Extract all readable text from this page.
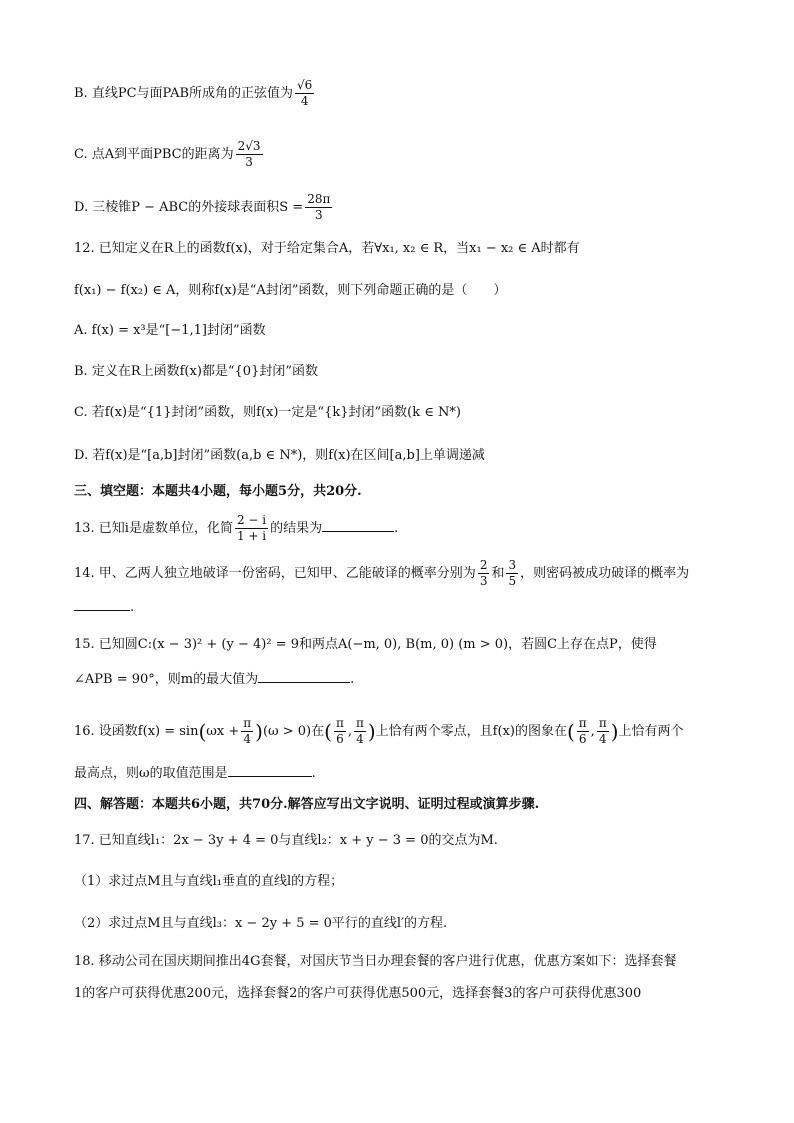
B. 直线PC与面PAB所成角的正弦值为 $\frac{√6}{4}$
C. 点A到平面PBC的距离为 $\frac{2√3}{3}$
D. 三棱锥P − ABC的外接球表面积$S = \frac{28\pi}{3}$
12. 已知定义在R上的函数f(x)，对于给定集合A，若∀x₁, x₂ ∈ R，当x₁ − x₂ ∈ A时都有
f(x₁) − f(x₂) ∈ A，则称f(x)是“A封闭”函数，则下列命题正确的是（　　）
A. f(x) = x³是“[−1,1]封闭”函数
B. 定义在R上函数f(x)都是“{0}封闭”函数
C. 若f(x)是“{1}封闭”函数，则f(x)一定是“{k}封闭”函数(k ∈ N*)
D. 若f(x)是“[a,b]封闭”函数(a,b ∈ N*)，则f(x)在区间[a,b]上单调递减
三、填空题：本题共4小题，每小题5分，共20分.
13. 已知i是虚数单位，化简 $\frac{2 - i}{1 + i}$ 的结果为	.
14. 甲、乙两人独立地破译一份密码，已知甲、乙能破译的概率分别为 $\frac{2}{3}$ 和 $\frac{3}{5}$ ，则密码被成功破译的概率为
.
15. 已知圆C:(x − 3)² + (y − 4)² = 9和两点A(−m, 0), B(m, 0) (m > 0)，若圆C上存在点P，使得
∠APB = 90°，则m的最大值为	.
16. 设函数$f(x) = \sin(\omega x + \frac{\pi}{4} )(\omega > 0)$在( $\frac{\pi}{6}$ , $\frac{\pi}{4}$ )上恰有两个零点，且f(x)的图象在( $\frac{\pi}{6}$ , $\frac{\pi}{4}$ )上恰有两个
最高点，则ω的取值范围是	.
四、解答题：本题共6小题，共70分.解答应写出文字说明、证明过程或演算步骤.
17. 已知直线l₁：2x − 3y + 4 = 0与直线l₂：x + y − 3 = 0的交点为M.
（1）求过点M且与直线l₁垂直的直线l的方程；
（2）求过点M且与直线l₃：x − 2y + 5 = 0平行的直线l′的方程.
18. 移动公司在国庆期间推出4G套餐，对国庆节当日办理套餐的客户进行优惠，优惠方案如下：选择套餐
1的客户可获得优惠200元，选择套餐2的客户可获得优惠500元，选择套餐3的客户可获得优惠300
